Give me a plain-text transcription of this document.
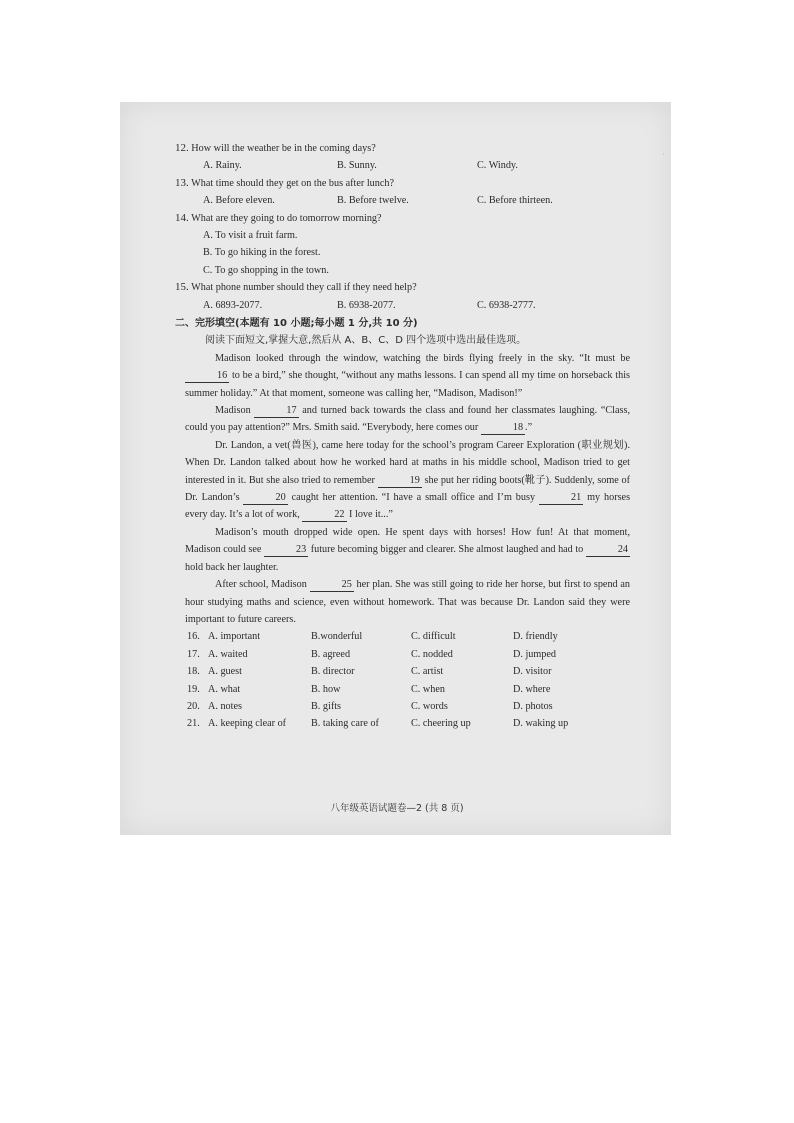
·
12. How will the weather be in the coming days?
A. Rainy.	B. Sunny.	C. Windy.
13. What time should they get on the bus after lunch?
A. Before eleven.	B. Before twelve.	C. Before thirteen.
14. What are they going to do tomorrow morning?
A. To visit a fruit farm.
B. To go hiking in the forest.
C. To go shopping in the town.
15. What phone number should they call if they need help?
A. 6893-2077.	B. 6938-2077.	C. 6938-2777.
二、完形填空(本题有 10 小题;每小题 1 分,共 10 分)
阅读下面短文,掌握大意,然后从 A、B、C、D 四个选项中选出最佳选项。

Madison looked through the window, watching the birds flying freely in the sky. “It must be 16 to be a bird,” she thought, “without any maths lessons. I can spend all my time on horseback this summer holiday.” At that moment, someone was calling her, “Madison, Madison!”

Madison	17 and turned back towards the class and found her classmates laughing. “Class, could you pay attention?” Mrs. Smith said. “Everybody, here comes our	18 .”

Dr. Landon, a vet(兽医), came here today for the school’s program Career Exploration (职业规划). When Dr. Landon talked about how he worked hard at maths in his middle school, Madison tried to get interested in it. But she also tried to remember	19 she put her riding boots(靴子). Suddenly, some of Dr. Landon’s	20 caught her attention. “I have a small office and I’m busy	21 my horses every day. It’s a lot of work,	22 I love it...”

Madison’s mouth dropped wide open. He spent days with horses! How fun! At that moment, Madison could see	23 future becoming bigger and clearer. She almost laughed and had to	24 hold back her laughter.

After school, Madison	25 her plan. She was still going to ride her horse, but first to spend an hour studying maths and science, even without homework. That was because Dr. Landon said they were important to future careers.

16. A. important	B.wonderful	C. difficult	D. friendly
17. A. waited	B. agreed	C. nodded	D. jumped
18. A. guest	B. director	C. artist	D. visitor
19. A. what	B. how	C. when	D. where
20. A. notes	B. gifts	C. words	D. photos
21. A. keeping clear of B. taking care of	C. cheering up	D. waking up
八年级英语试题卷—2 (共 8 页)
